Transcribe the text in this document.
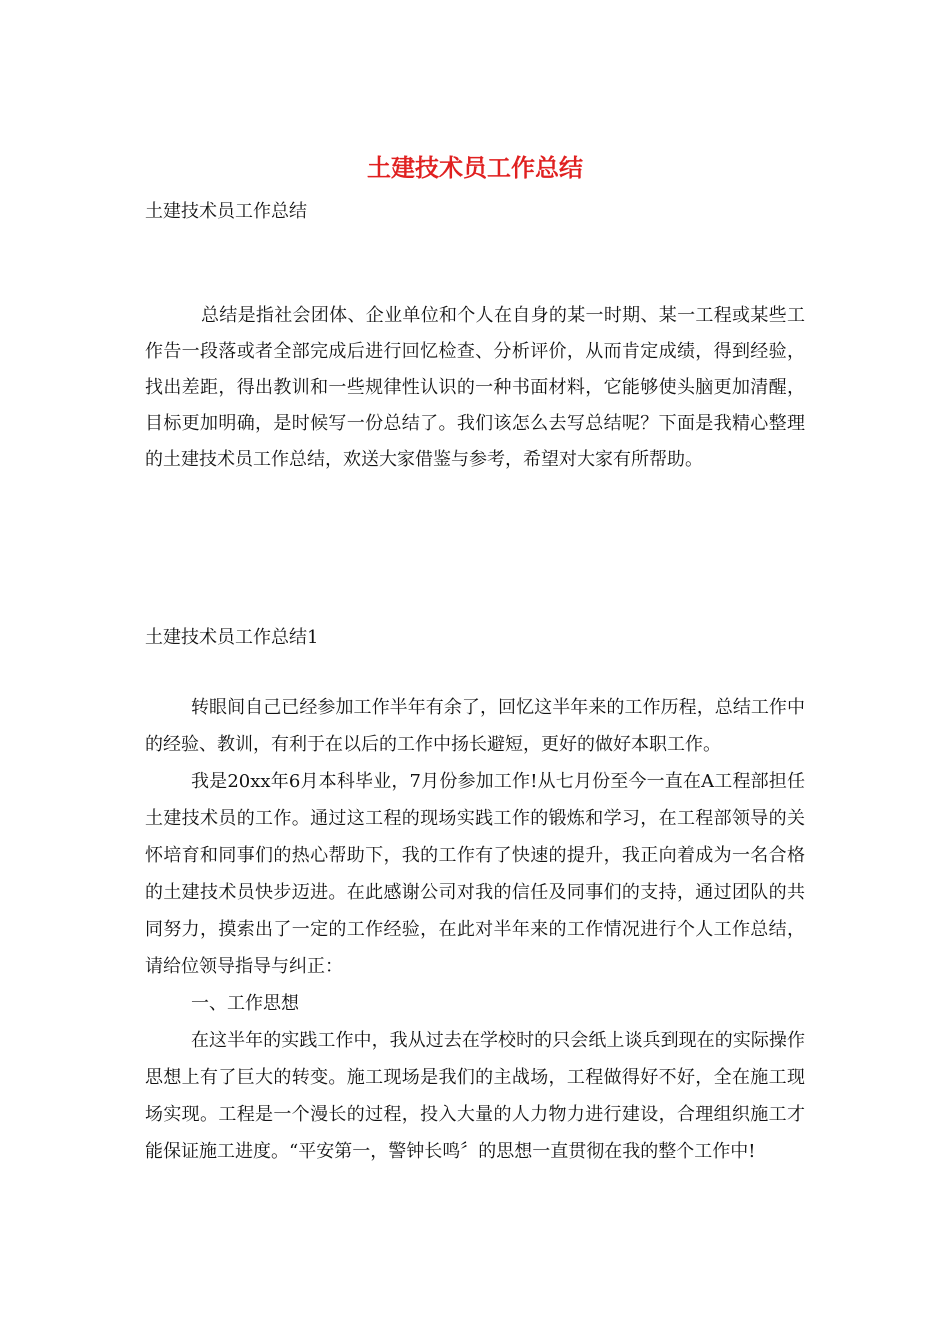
土建技术员工作总结
土建技术员工作总结

总结是指社会团体、企业单位和个人在自身的某一时期、某一工程或某些工作告一段落或者全部完成后进行回忆检查、分析评价，从而肯定成绩，得到经验，找出差距，得出教训和一些规律性认识的一种书面材料，它能够使头脑更加清醒，目标更加明确，是时候写一份总结了。我们该怎么去写总结呢？下面是我精心整理的土建技术员工作总结，欢送大家借鉴与参考，希望对大家有所帮助。

土建技术员工作总结1

转眼间自己已经参加工作半年有余了，回忆这半年来的工作历程，总结工作中的经验、教训，有利于在以后的工作中扬长避短，更好的做好本职工作。

我是20xx年6月本科毕业，7月份参加工作!从七月份至今一直在A工程部担任土建技术员的工作。通过这工程的现场实践工作的锻炼和学习，在工程部领导的关怀培育和同事们的热心帮助下，我的工作有了快速的提升，我正向着成为一名合格的土建技术员快步迈进。在此感谢公司对我的信任及同事们的支持，通过团队的共同努力，摸索出了一定的工作经验，在此对半年来的工作情况进行个人工作总结，请给位领导指导与纠正：

一、工作思想

在这半年的实践工作中，我从过去在学校时的只会纸上谈兵到现在的实际操作思想上有了巨大的转变。施工现场是我们的主战场，工程做得好不好，全在施工现场实现。工程是一个漫长的过程，投入大量的人力物力进行建设，合理组织施工才能保证施工进度。“平安第一，警钟长鸣〞的思想一直贯彻在我的整个工作中!
